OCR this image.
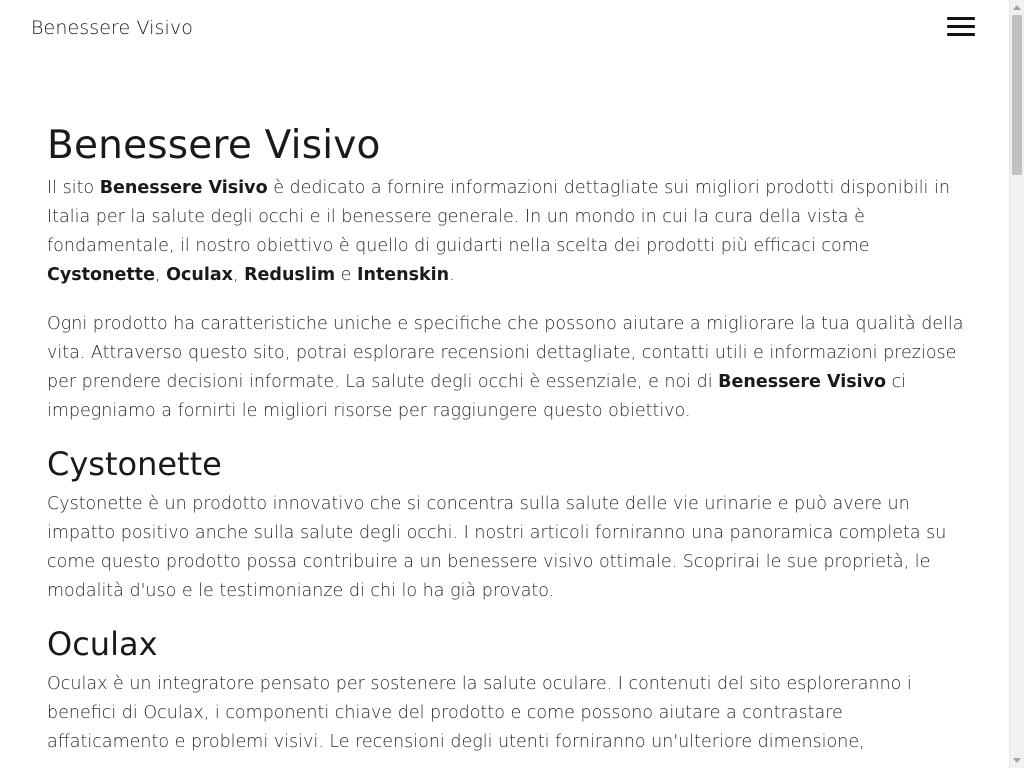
Benessere Visivo
Benessere Visivo

Il sito Benessere Visivo è dedicato a fornire informazioni dettagliate sui migliori prodotti disponibili in Italia per la salute degli occhi e il benessere generale. In un mondo in cui la cura della vista è fondamentale, il nostro obiettivo è quello di guidarti nella scelta dei prodotti più efficaci come Cystonette, Oculax, Reduslim e Intenskin.

Ogni prodotto ha caratteristiche uniche e specifiche che possono aiutare a migliorare la tua qualità della vita. Attraverso questo sito, potrai esplorare recensioni dettagliate, contatti utili e informazioni preziose per prendere decisioni informate. La salute degli occhi è essenziale, e noi di Benessere Visivo ci impegniamo a fornirti le migliori risorse per raggiungere questo obiettivo.

Cystonette

Cystonette è un prodotto innovativo che si concentra sulla salute delle vie urinarie e può avere un impatto positivo anche sulla salute degli occhi. I nostri articoli forniranno una panoramica completa su come questo prodotto possa contribuire a un benessere visivo ottimale. Scoprirai le sue proprietà, le modalità d'uso e le testimonianze di chi lo ha già provato.

Oculax

Oculax è un integratore pensato per sostenere la salute oculare. I contenuti del sito esploreranno i benefici di Oculax, i componenti chiave del prodotto e come possono aiutare a contrastare affaticamento e problemi visivi. Le recensioni degli utenti forniranno un'ulteriore dimensione,
